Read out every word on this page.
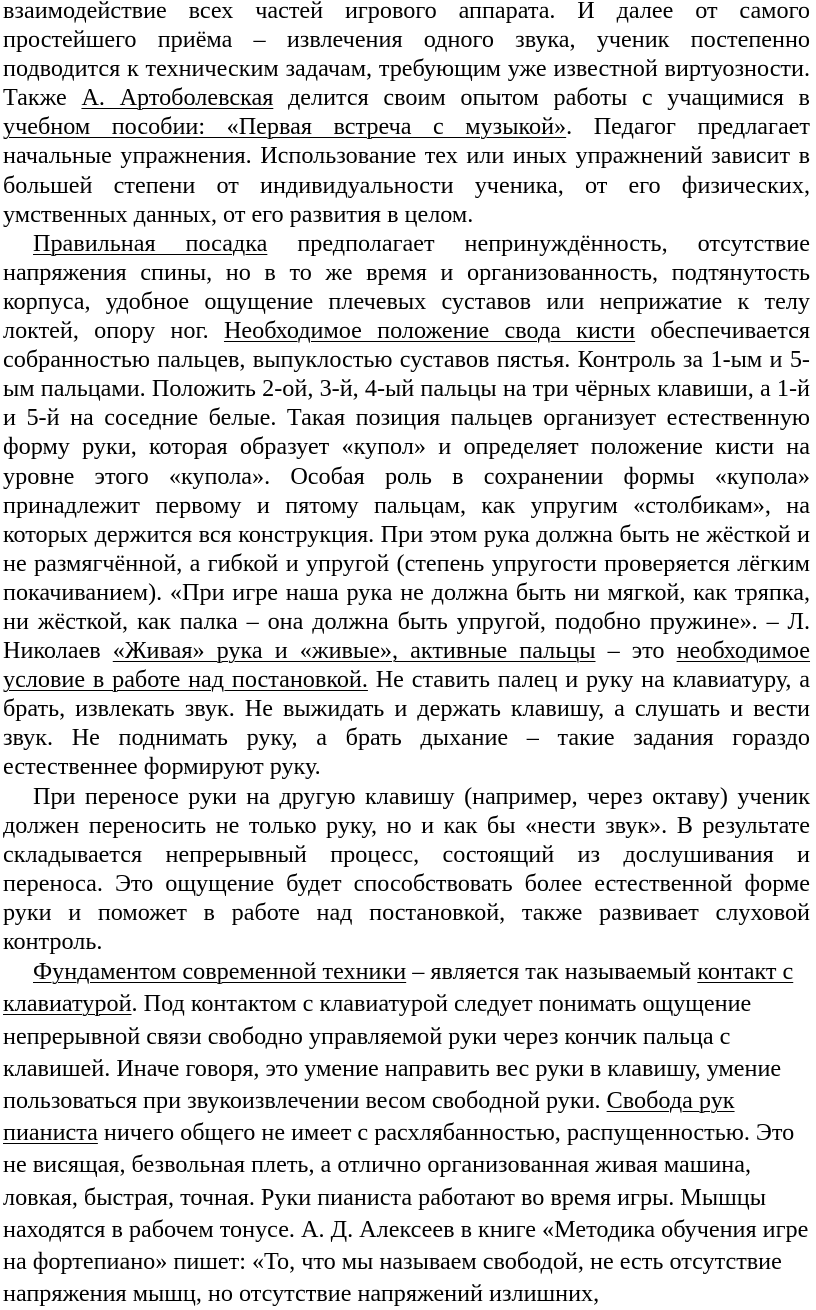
взаимодействие всех частей игрового аппарата. И далее от самого простейшего приёма – извлечения одного звука, ученик постепенно подводится к техническим задачам, требующим уже известной виртуозности. Также А. Артоболевская делится своим опытом работы с учащимися в учебном пособии: «Первая встреча с музыкой». Педагог предлагает начальные упражнения. Использование тех или иных упражнений зависит в большей степени от индивидуальности ученика, от его физических, умственных данных, от его развития в целом.

Правильная посадка предполагает непринуждённость, отсутствие напряжения спины, но в то же время и организованность, подтянутость корпуса, удобное ощущение плечевых суставов или неприжатие к телу локтей, опору ног. Необходимое положение свода кисти обеспечивается собранностью пальцев, выпуклостью суставов пястья. Контроль за 1-ым и 5-ым пальцами. Положить 2-ой, 3-й, 4-ый пальцы на три чёрных клавиши, а 1-й и 5-й на соседние белые. Такая позиция пальцев организует естественную форму руки, которая образует «купол» и определяет положение кисти на уровне этого «купола». Особая роль в сохранении формы «купола» принадлежит первому и пятому пальцам, как упругим «столбикам», на которых держится вся конструкция. При этом рука должна быть не жёсткой и не размягчённой, а гибкой и упругой (степень упругости проверяется лёгким покачиванием). «При игре наша рука не должна быть ни мягкой, как тряпка, ни жёсткой, как палка – она должна быть упругой, подобно пружине». – Л. Николаев «Живая» рука и «живые», активные пальцы – это необходимое условие в работе над постановкой. Не ставить палец и руку на клавиатуру, а брать, извлекать звук. Не выжидать и держать клавишу, а слушать и вести звук. Не поднимать руку, а брать дыхание – такие задания гораздо естественнее формируют руку.

При переносе руки на другую клавишу (например, через октаву) ученик должен переносить не только руку, но и как бы «нести звук». В результате складывается непрерывный процесс, состоящий из дослушивания и переноса. Это ощущение будет способствовать более естественной форме руки и поможет в работе над постановкой, также развивает слуховой контроль.

Фундаментом современной техники – является так называемый контакт с клавиатурой. Под контактом с клавиатурой следует понимать ощущение непрерывной связи свободно управляемой руки через кончик пальца с клавишей. Иначе говоря, это умение направить вес руки в клавишу, умение пользоваться при звукоизвлечении весом свободной руки. Свобода рук пианиста ничего общего не имеет с расхлябанностью, распущенностью. Это не висящая, безвольная плеть, а отлично организованная живая машина, ловкая, быстрая, точная. Руки пианиста работают во время игры. Мышцы находятся в рабочем тонусе. А. Д. Алексеев в книге «Методика обучения игре на фортепиано» пишет: «То, что мы называем свободой, не есть отсутствие напряжения мышц, но отсутствие напряжений излишних,
